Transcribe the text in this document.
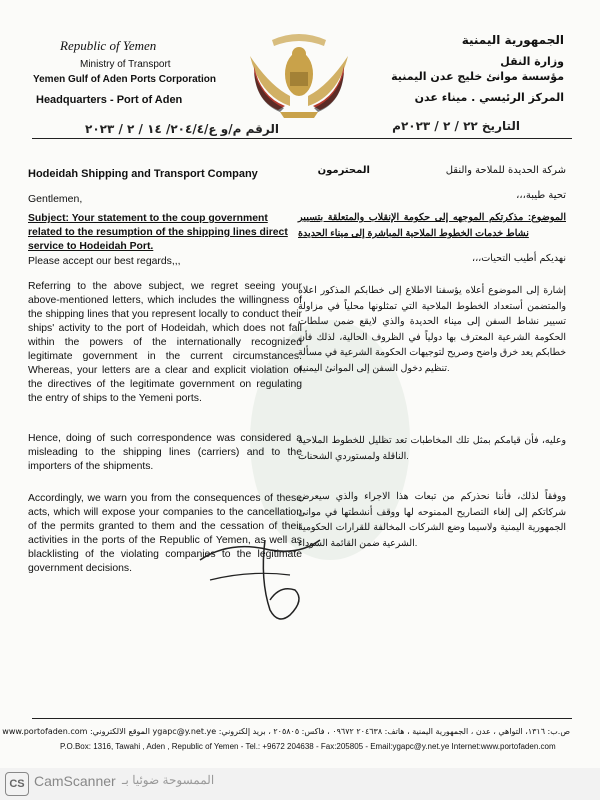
Republic of Yemen
Ministry of Transport
Yemen Gulf of Aden Ports Corporation
Headquarters - Port of Aden
الجمهورية اليمنية
وزارة النقل
مؤسسة موانئ خليج عدن اليمنية
المركز الرئيسي . ميناء عدن
التاريخ ٢٢ / ٢ / ٢٠٢٣م
الرقم م/و ع/٢٠٤/٤/ ١٤ / ٢ / ٢٠٢٣
Hodeidah Shipping and Transport Company
Gentlemen,
Subject: Your statement to the coup government related to the resumption of the shipping lines direct service to Hodeidah Port.
Please accept our best regards,,,
Referring to the above subject, we regret seeing your above-mentioned letters, which includes the willingness of the shipping lines that you represent locally to conduct their ships' activity to the port of Hodeidah, which does not fall within the powers of the internationally recognized legitimate government in the current circumstances. Whereas, your letters are a clear and explicit violation of the directives of the legitimate government on regulating the entry of ships to the Yemeni ports.
Hence, doing of such correspondence was considered a misleading to the shipping lines (carriers) and to the importers of the shipments.
Accordingly, we warn you from the consequences of these acts, which will expose your companies to the cancellation of the permits granted to them and the cessation of their activities in the ports of the Republic of Yemen, as well as blacklisting of the violating companies to the legitimate government decisions.
شركة الحديدة للملاحة والنقل
المحترمون
تحية طيبة،،،
الموضوع: مذكرتكم الموجهه إلى حكومة الإنقلاب والمتعلقة بتسيير نشاط خدمات الخطوط الملاحية المباشرة إلى ميناء الحديدة
نهديكم أطيب التحيات،،،
إشارة إلى الموضوع أعلاه يؤسفنا الاطلاع إلى خطابكم المذكور اعلاه والمتضمن أستعداد الخطوط الملاحية التي تمثلونها محلياً في مزاولة تسيير نشاط السفن إلى ميناء الحديدة والذي لايقع ضمن سلطات الحكومة الشرعية المعترف بها دولياً في الظروف الحالية، لذلك فأن خطابكم يعد خرق واضح وصريح لتوجيهات الحكومة الشرعية في مسألة تنظيم دخول السفن إلى الموانئ اليمنية.
وعليه، فأن قيامكم بمثل تلك المخاطبات تعد تظليل للخطوط الملاحية الناقلة ولمستوردي الشحنات.
ووفقاً لذلك، فأننا نحذركم من تبعات هذا الاجراء والذي سيعرض شركاتكم إلى إلغاء التصاريح الممنوحه لها ووقف أنشطتها في موانئ الجمهورية اليمنية ولاسيما وضع الشركات المخالفة للقرارات الحكومية الشرعية ضمن القائمة السوداء.
ص.ب: ١٣١٦، التواهي ، عدن ، الجمهورية اليمنية ، هاتف: ٢٠٤٦٣٨ ٠٩٦٧٢ ، فاكس: ٢٠٥٨٠٥ ، بريد إلكتروني: ygapc@y.net.ye الموقع الالكتروني: www.portofaden.com
P.O.Box: 1316, Tawahi , Aden , Republic of Yemen - Tel.: +9672 204638 - Fax:205805 - Email:ygapc@y.net.ye Internet:www.portofaden.com
CS CamScanner الممسوحة ضوئيا بـ
